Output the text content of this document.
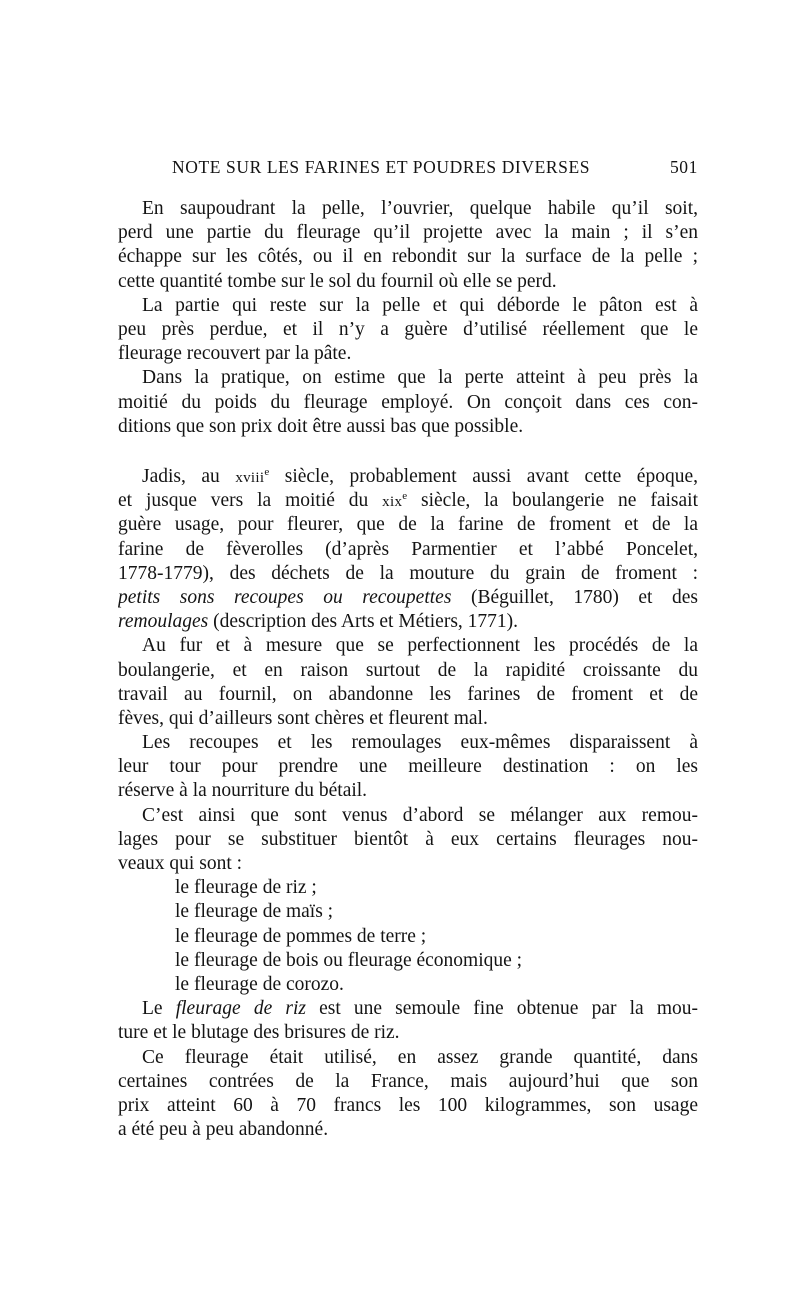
NOTE SUR LES FARINES ET POUDRES DIVERSES	501
En saupoudrant la pelle, l’ouvrier, quelque habile qu’il soit,
perd une partie du fleurage qu’il projette avec la main ; il s’en
échappe sur les côtés, ou il en rebondit sur la surface de la pelle ;
cette quantité tombe sur le sol du fournil où elle se perd.
La partie qui reste sur la pelle et qui déborde le pâton est à
peu près perdue, et il n’y a guère d’utilisé réellement que le
fleurage recouvert par la pâte.
Dans la pratique, on estime que la perte atteint à peu près la
moitié du poids du fleurage employé. On conçoit dans ces con-
ditions que son prix doit être aussi bas que possible.
Jadis, au xviii$^e$ siècle, probablement aussi avant cette époque,
et jusque vers la moitié du xix$^e$ siècle, la boulangerie ne faisait
guère usage, pour fleurer, que de la farine de froment et de la
farine de fèverolles (d’après Parmentier et l’abbé Poncelet,
1778-1779), des déchets de la mouture du grain de froment :
petits sons recoupes ou recoupettes (Béguillet, 1780) et des
remoulages (description des Arts et Métiers, 1771).
Au fur et à mesure que se perfectionnent les procédés de la
boulangerie, et en raison surtout de la rapidité croissante du
travail au fournil, on abandonne les farines de froment et de
fèves, qui d’ailleurs sont chères et fleurent mal.
Les recoupes et les remoulages eux-mêmes disparaissent à
leur tour pour prendre une meilleure destination : on les
réserve à la nourriture du bétail.
C’est ainsi que sont venus d’abord se mélanger aux remou-
lages pour se substituer bientôt à eux certains fleurages nou-
veaux qui sont :
le fleurage de riz ;
le fleurage de maïs ;
le fleurage de pommes de terre ;
le fleurage de bois ou fleurage économique ;
le fleurage de corozo.
Le fleurage de riz est une semoule fine obtenue par la mou-
ture et le blutage des brisures de riz.
Ce fleurage était utilisé, en assez grande quantité, dans
certaines contrées de la France, mais aujourd’hui que son
prix atteint 60 à 70 francs les 100 kilogrammes, son usage
a été peu à peu abandonné.
